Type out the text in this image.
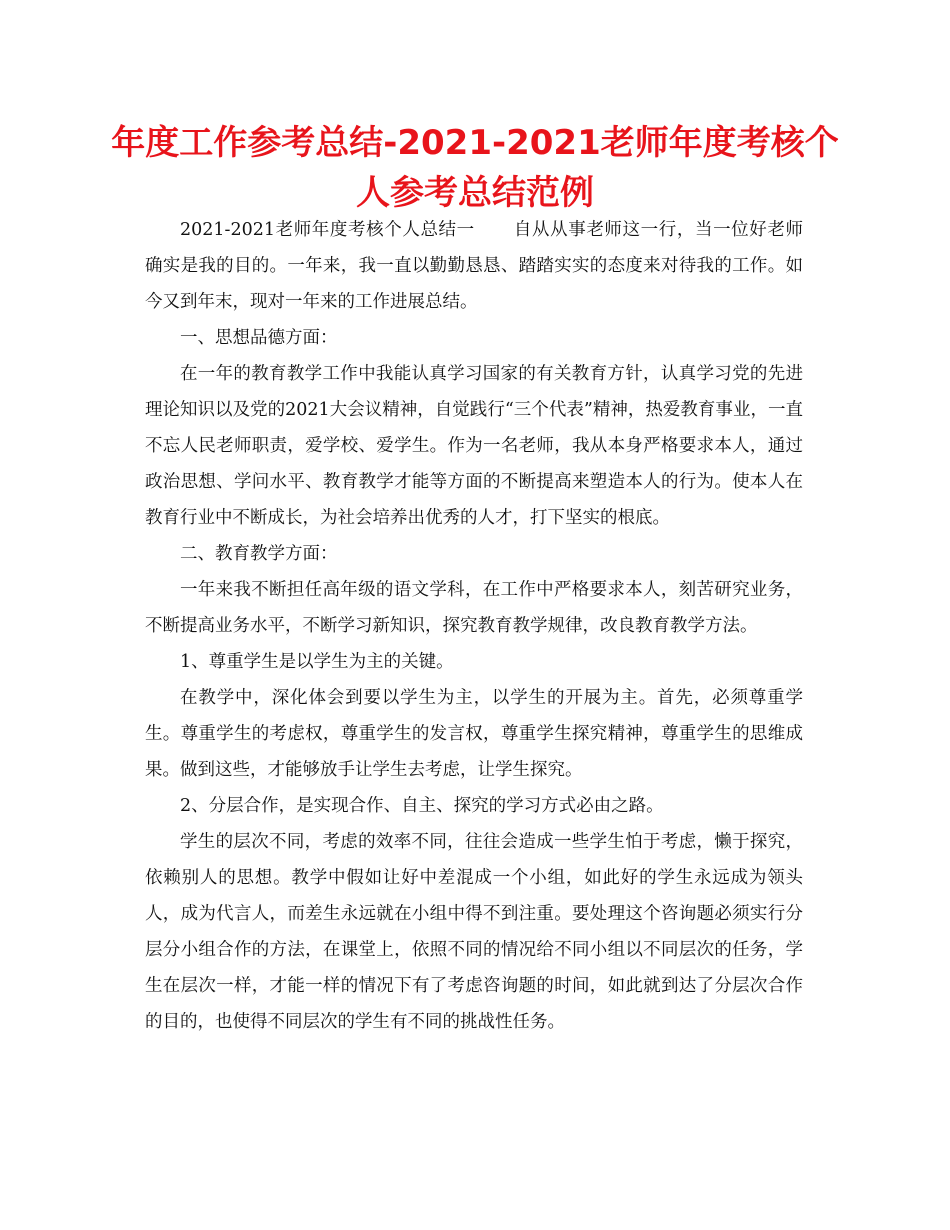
年度工作参考总结-2021-2021老师年度考核个人参考总结范例

2021-2021老师年度考核个人总结一 自从从事老师这一行，当一位好老师确实是我的目的。一年来，我一直以勤勤恳恳、踏踏实实的态度来对待我的工作。如今又到年末，现对一年来的工作进展总结。

一、思想品德方面：

在一年的教育教学工作中我能认真学习国家的有关教育方针，认真学习党的先进理论知识以及党的2021大会议精神，自觉践行“三个代表”精神，热爱教育事业，一直不忘人民老师职责，爱学校、爱学生。作为一名老师，我从本身严格要求本人，通过政治思想、学问水平、教育教学才能等方面的不断提高来塑造本人的行为。使本人在教育行业中不断成长，为社会培养出优秀的人才，打下坚实的根底。

二、教育教学方面：

一年来我不断担任高年级的语文学科，在工作中严格要求本人，刻苦研究业务，不断提高业务水平，不断学习新知识，探究教育教学规律，改良教育教学方法。

1、尊重学生是以学生为主的关键。

在教学中，深化体会到要以学生为主，以学生的开展为主。首先，必须尊重学生。尊重学生的考虑权，尊重学生的发言权，尊重学生探究精神，尊重学生的思维成果。做到这些，才能够放手让学生去考虑，让学生探究。

2、分层合作，是实现合作、自主、探究的学习方式必由之路。

学生的层次不同，考虑的效率不同，往往会造成一些学生怕于考虑，懒于探究，依赖别人的思想。教学中假如让好中差混成一个小组，如此好的学生永远成为领头人，成为代言人，而差生永远就在小组中得不到注重。要处理这个咨询题必须实行分层分小组合作的方法，在课堂上，依照不同的情况给不同小组以不同层次的任务，学生在层次一样，才能一样的情况下有了考虑咨询题的时间，如此就到达了分层次合作的目的，也使得不同层次的学生有不同的挑战性任务。
